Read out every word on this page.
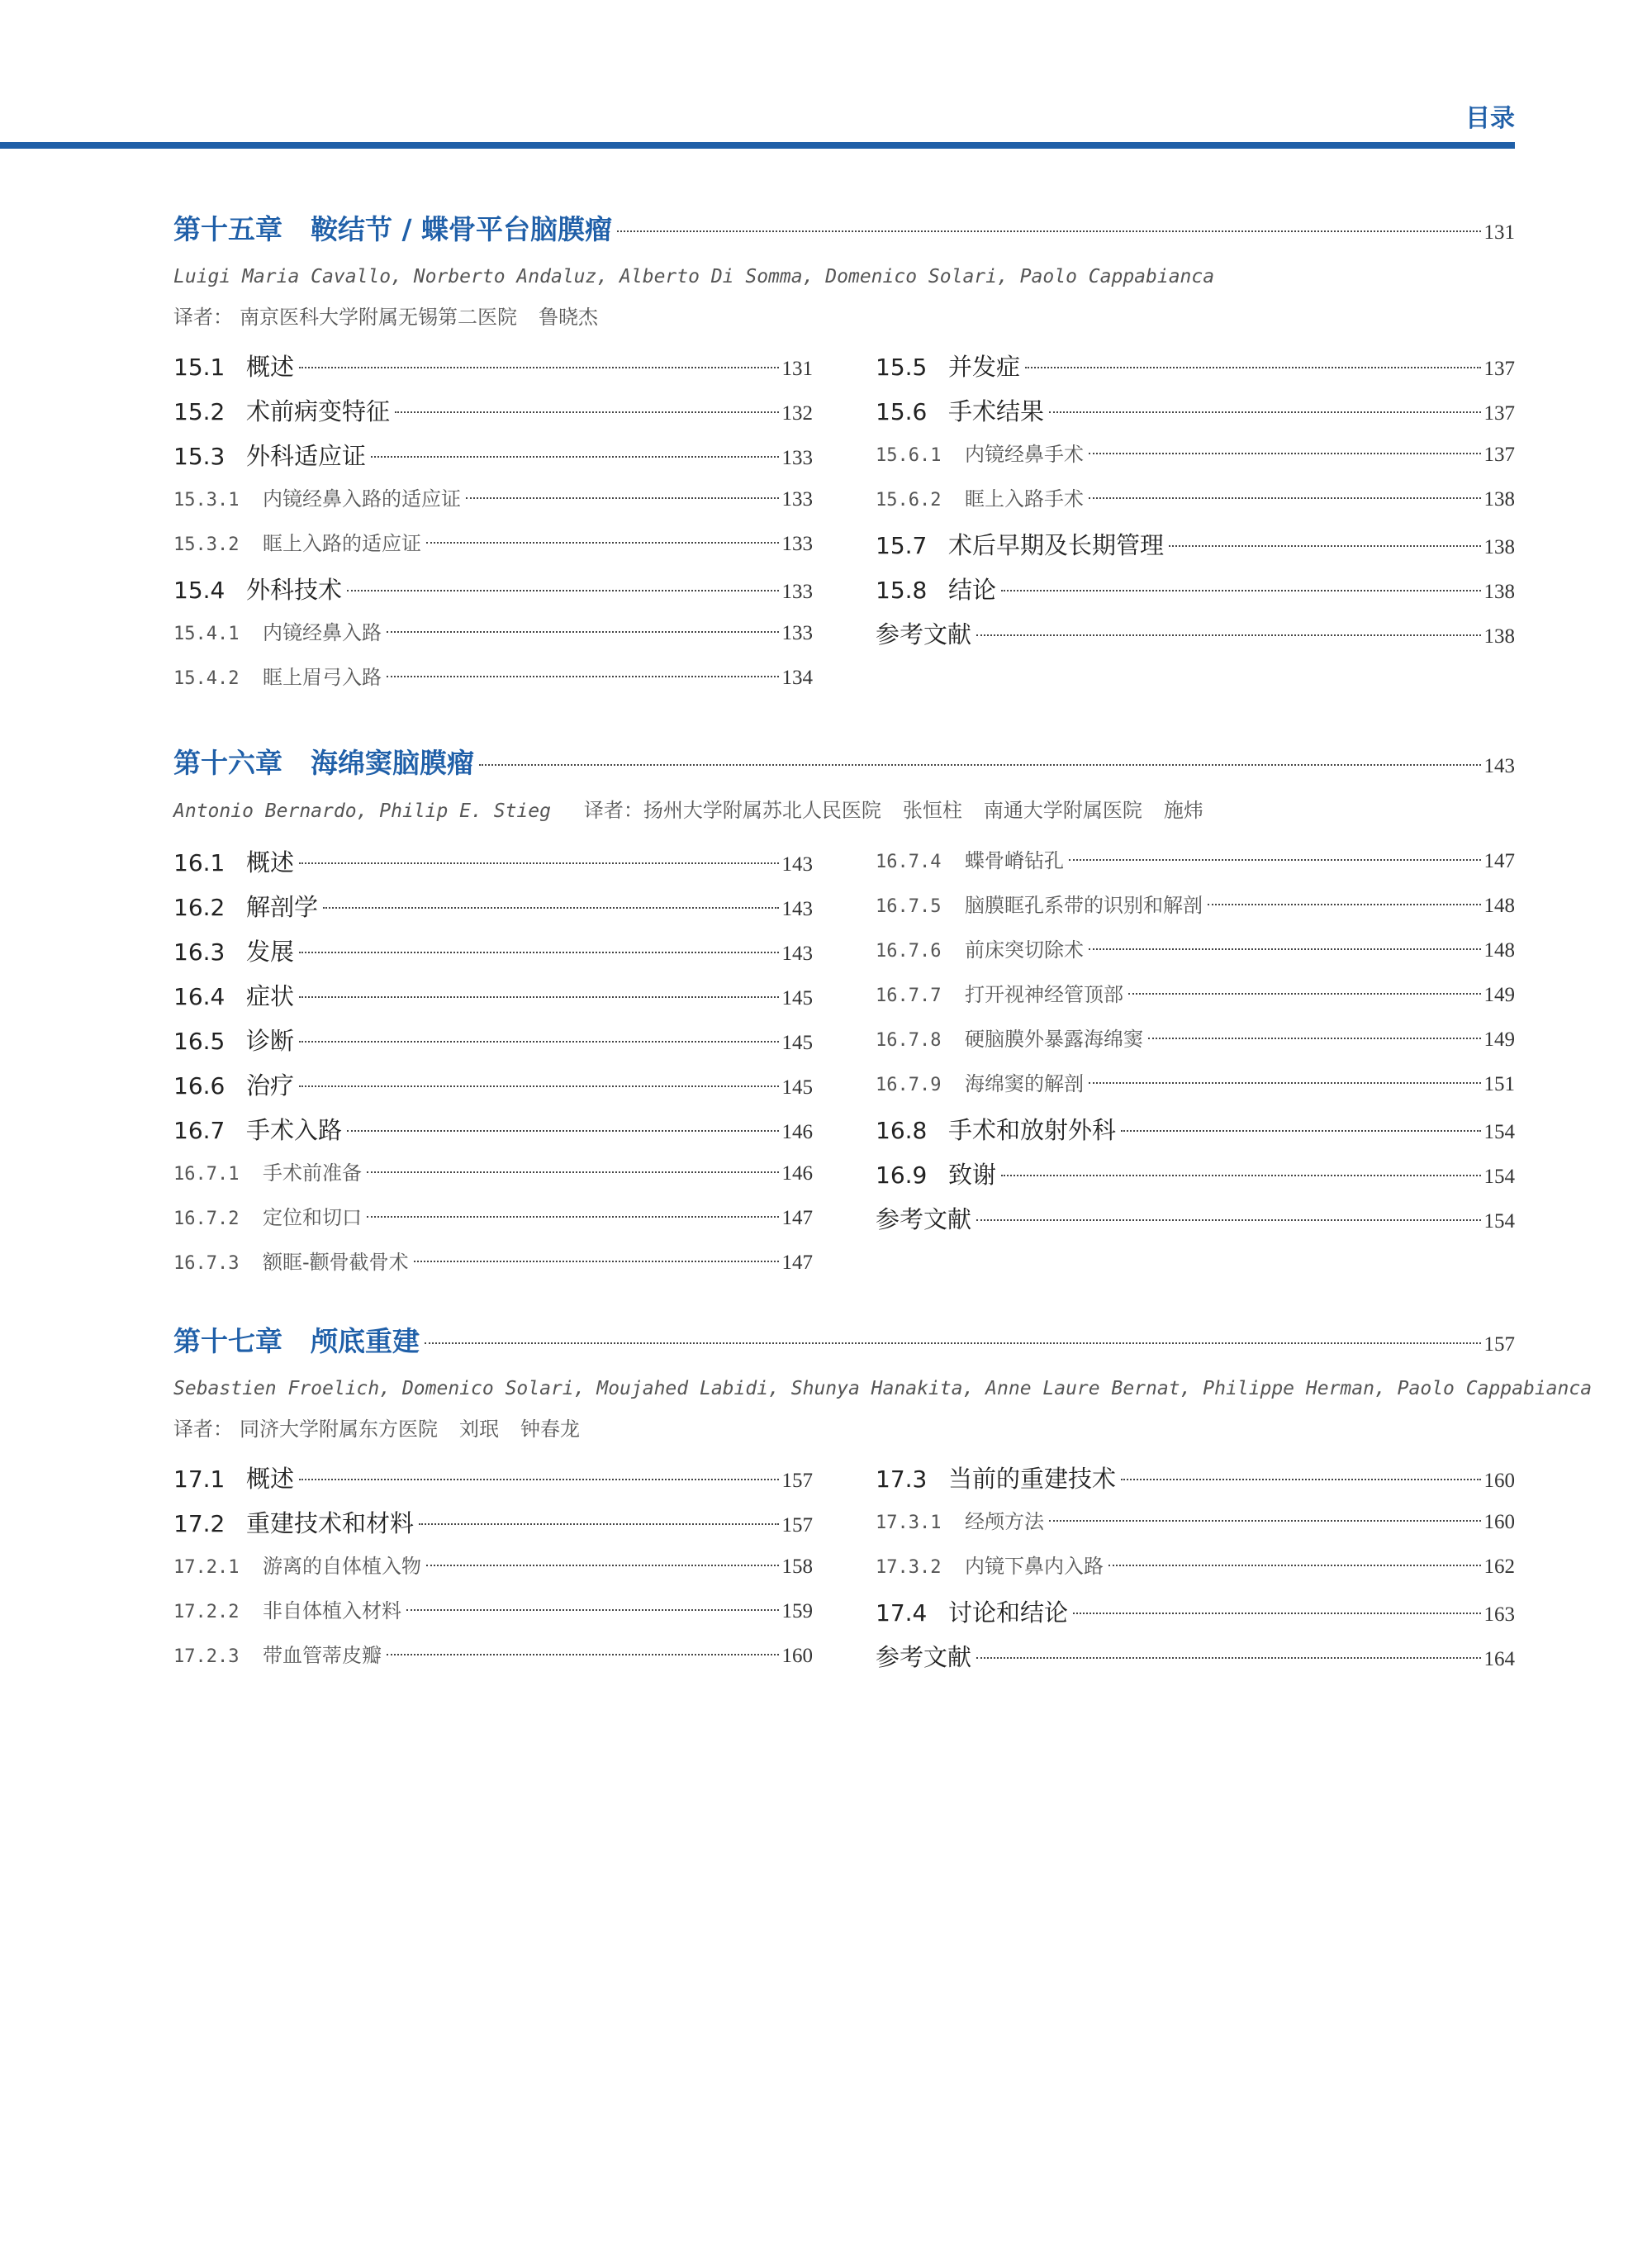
目录
第十五章 鞍结节 / 蝶骨平台脑膜瘤	131
Luigi Maria Cavallo, Norberto Andaluz, Alberto Di Somma, Domenico Solari, Paolo Cappabianca
译者： 南京医科大学附属无锡第二医院 鲁晓杰
15.1 概述	131
15.2 术前病变特征	132
15.3 外科适应证	133
15.3.1	内镜经鼻入路的适应证	133
15.3.2	眶上入路的适应证	133
15.4 外科技术	133
15.4.1	内镜经鼻入路	133
15.4.2	眶上眉弓入路	134
15.5 并发症	137
15.6 手术结果	137
15.6.1	内镜经鼻手术	137
15.6.2	眶上入路手术	138
15.7 术后早期及长期管理	138
15.8 结论	138
参考文献	138
第十六章 海绵窦脑膜瘤	143
Antonio Bernardo, Philip E. Stieg 译者：扬州大学附属苏北人民医院 张恒柱 南通大学附属医院 施炜
16.1 概述	143
16.2 解剖学	143
16.3 发展	143
16.4 症状	145
16.5 诊断	145
16.6 治疗	145
16.7 手术入路	146
16.7.1	手术前准备	146
16.7.2	定位和切口	147
16.7.3	额眶-颧骨截骨术	147
16.7.4	蝶骨嵴钻孔	147
16.7.5	脑膜眶孔系带的识别和解剖	148
16.7.6	前床突切除术	148
16.7.7	打开视神经管顶部	149
16.7.8	硬脑膜外暴露海绵窦	149
16.7.9	海绵窦的解剖	151
16.8 手术和放射外科	154
16.9 致谢	154
参考文献	154
第十七章 颅底重建	157
Sebastien Froelich, Domenico Solari, Moujahed Labidi, Shunya Hanakita, Anne Laure Bernat, Philippe Herman, Paolo Cappabianca
译者： 同济大学附属东方医院 刘珉 钟春龙
17.1 概述	157
17.2 重建技术和材料	157
17.2.1	游离的自体植入物	158
17.2.2	非自体植入材料	159
17.2.3	带血管蒂皮瓣	160
17.3 当前的重建技术	160
17.3.1	经颅方法	160
17.3.2	内镜下鼻内入路	162
17.4 讨论和结论	163
参考文献	164
